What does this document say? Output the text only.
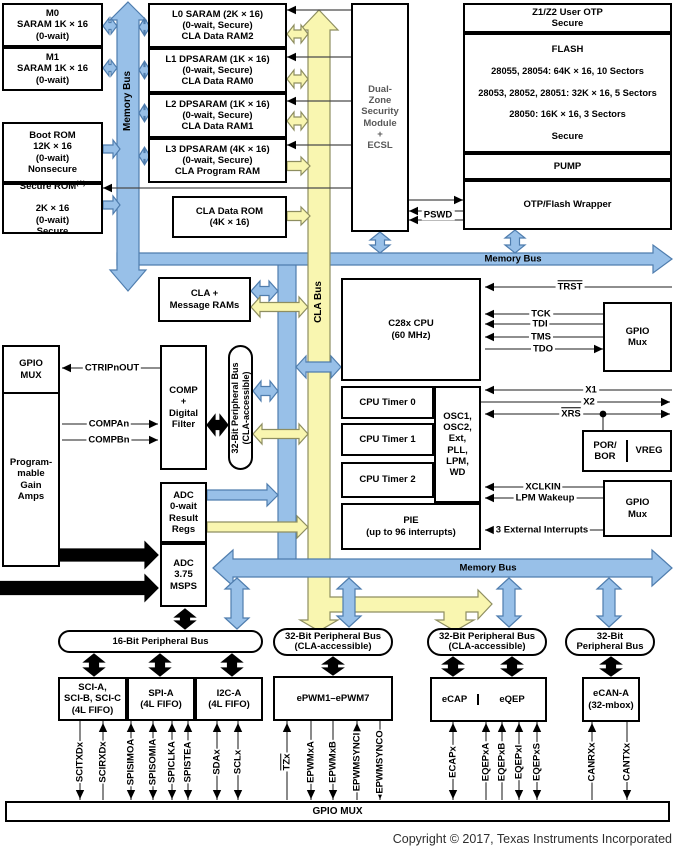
M0
SARAM 1K × 16
(0-wait)
M1
SARAM 1K × 16
(0-wait)
Boot ROM
12K × 16
(0-wait)
Nonsecure

Secure $ROM^{(A)}$

2K × 16
(0-wait)
Secure

L0 SARAM (2K × 16)
(0-wait, Secure)
CLA Data RAM2
L1 DPSARAM (1K × 16)
(0-wait, Secure)
CLA Data RAM0
L2 DPSARAM (1K × 16)
(0-wait, Secure)
CLA Data RAM1
L3 DPSARAM (4K × 16)
(0-wait, Secure)
CLA Program RAM
CLA Data ROM
(4K × 16)
Dual-
Zone
Security
Module
+
ECSL
Z1/Z2 User OTP
Secure
FLASH
28055, 28054: 64K × 16, 10 Sectors
28053, 28052, 28051: 32K × 16, 5 Sectors
28050: 16K × 16, 3 Sectors
Secure
PUMP
OTP/Flash Wrapper
CLA +
Message RAMs
C28x CPU
(60 MHz)
CPU Timer 0
CPU Timer 1
CPU Timer 2
OSC1,
OSC2,
Ext,
PLL,
LPM,
WD
PIE
(up to 96 interrupts)
GPIO
Mux
POR/
BOR
VREG
GPIO
Mux
GPIO
MUX
Program-
mable
Gain
Amps
COMP
+
Digital
Filter	32-Bit Peripheral Bus (CLA-accessible)
ADC
0-wait
Result
Regs
ADC
3.75
MSPS
16-Bit Peripheral Bus	32-Bit Peripheral Bus
(CLA-accessible)
32-Bit Peripheral Bus
(CLA-accessible)
32-Bit
Peripheral Bus
SCI-A,
SCI-B, SCI-C
(4L FIFO)
SPI-A
(4L FIFO)
I2C-A
(4L FIFO)
ePWM1–ePWM7	eCAP	eQEP
eCAN-A
(32-mbox)
GPIO MUX
Memory Bus
Memory Bus
Memory Bus
CLA Bus	TRST
TCK
TDI
TMS
TDO
X1
X2
$\overline{XRS}$
XCLKIN
LPM Wakeup
3 External Interrupts
PSWD
CTRIPnOUT
COMPAn
COMPBn
SCITXDx SCIRXDx SPISIMOA SPISOMIA SPICLKA SPISTEA SDAx SCLx	$\overline{TZx}$ EPWMxA EPWMxB EPWMSYNCI EPWMSYNCO	ECAPx EQEPxA EQEPxB EQEPxI EQEPxS	CANRXx	CANTXx
Copyright © 2017, Texas Instruments Incorporated
